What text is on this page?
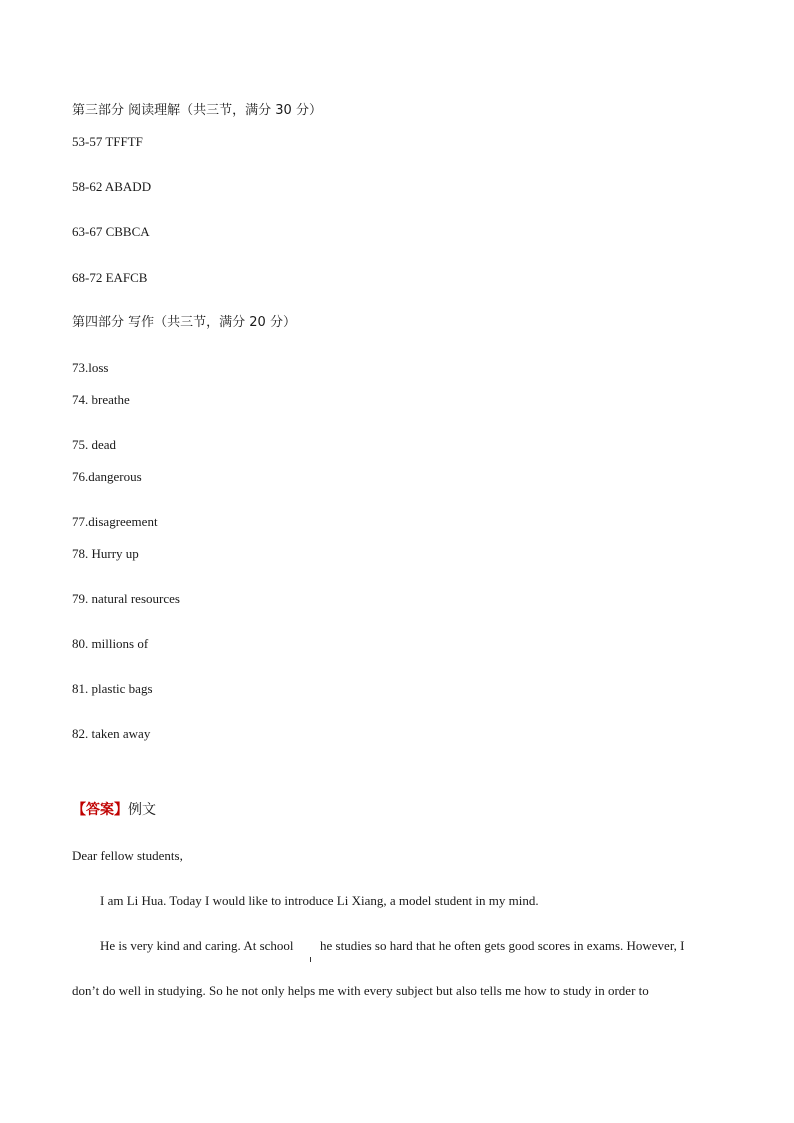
第三部分 阅读理解（共三节，满分 30 分）
53-57 TFFTF
58-62 ABADD
63-67 CBBCA
68-72 EAFCB
第四部分 写作（共三节，满分 20 分）
73.loss
74. breathe
75. dead
76.dangerous
77.disagreement
78. Hurry up
79. natural resources
80. millions of
81. plastic bags
82. taken away
【答案】例文
Dear fellow students,
I am Li Hua. Today I would like to introduce Li Xiang, a model student in my mind.
He is very kind and caring. At school he studies so hard that he often gets good scores in exams. However, I
don’t do well in studying. So he not only helps me with every subject but also tells me how to study in order to
